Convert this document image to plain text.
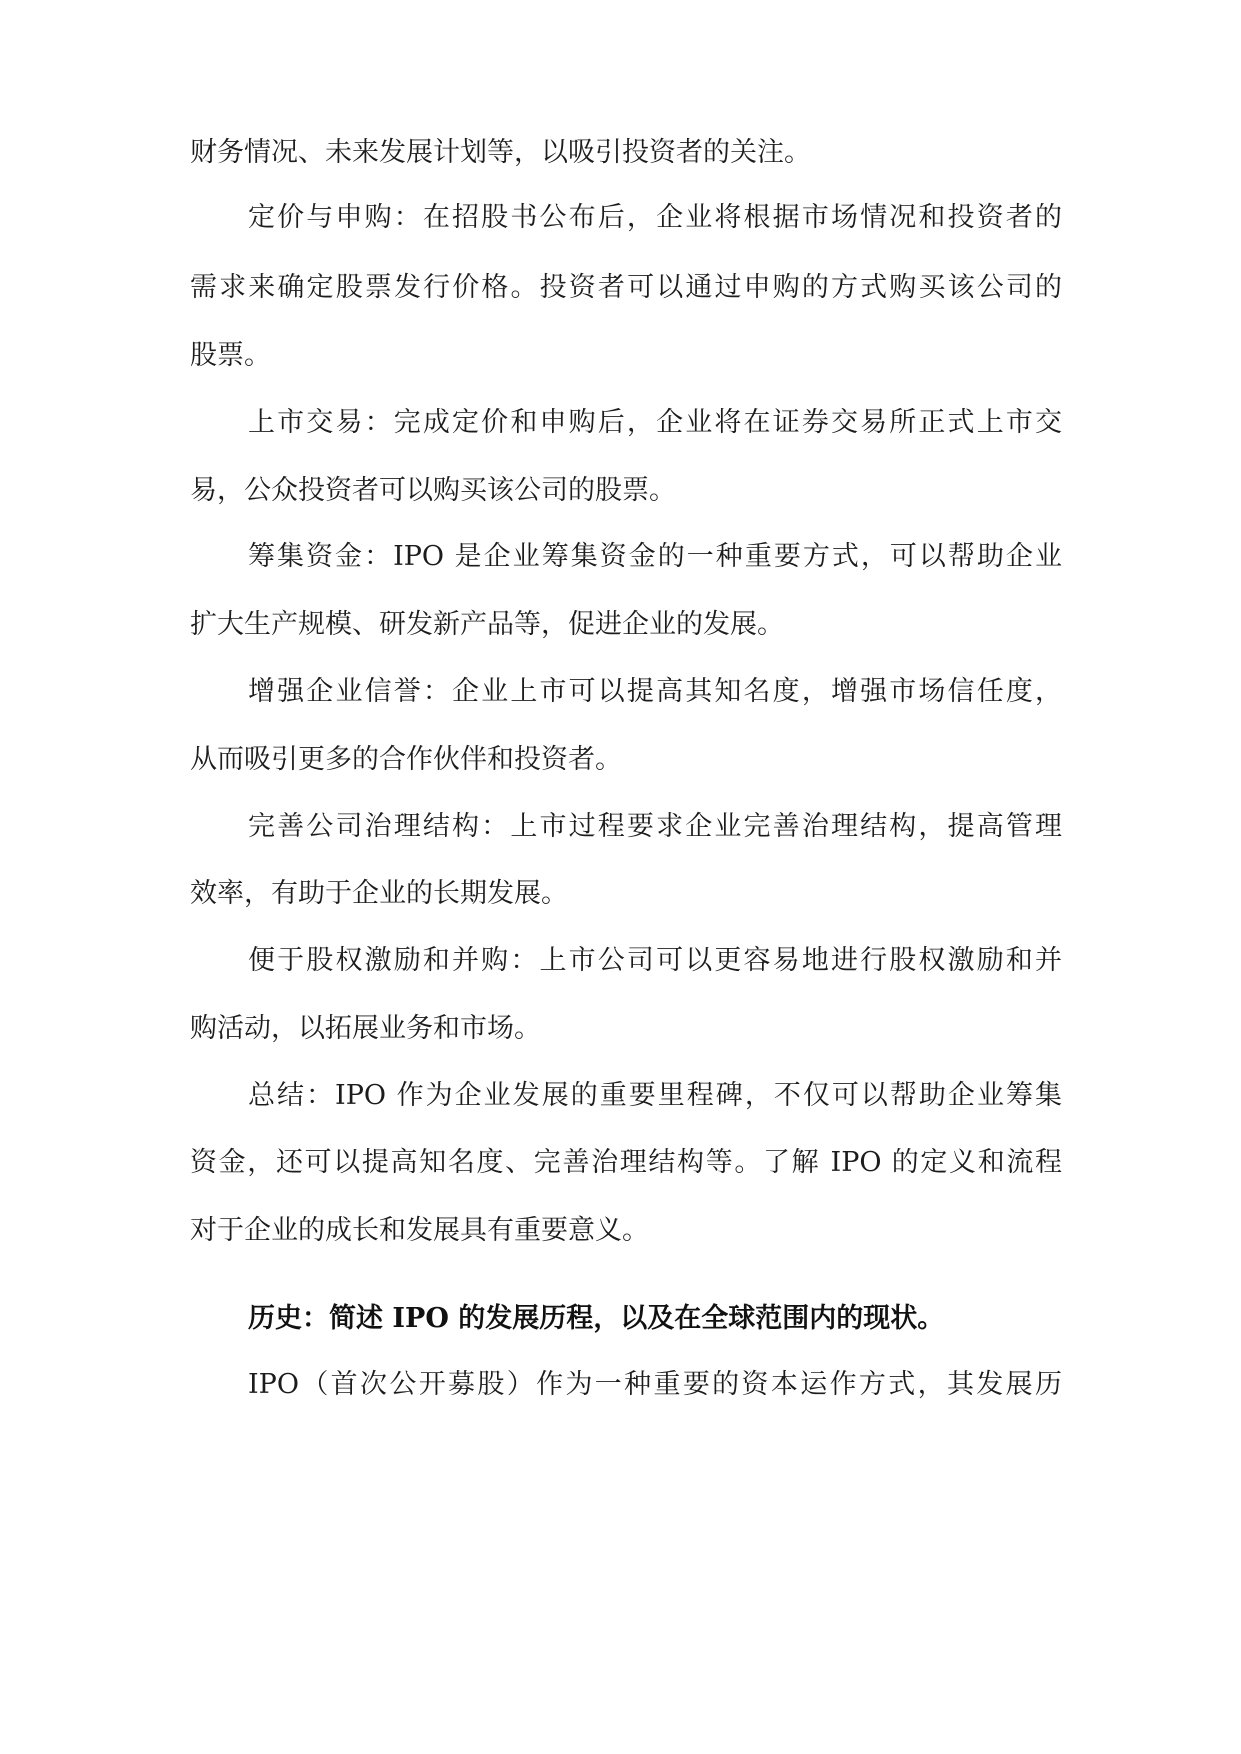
财务情况、未来发展计划等，以吸引投资者的关注。
定价与申购：在招股书公布后，企业将根据市场情况和投资者的
需求来确定股票发行价格。投资者可以通过申购的方式购买该公司的
股票。
上市交易：完成定价和申购后，企业将在证券交易所正式上市交
易，公众投资者可以购买该公司的股票。
筹集资金：IPO 是企业筹集资金的一种重要方式，可以帮助企业
扩大生产规模、研发新产品等，促进企业的发展。
增强企业信誉：企业上市可以提高其知名度，增强市场信任度，
从而吸引更多的合作伙伴和投资者。
完善公司治理结构：上市过程要求企业完善治理结构，提高管理
效率，有助于企业的长期发展。
便于股权激励和并购：上市公司可以更容易地进行股权激励和并
购活动，以拓展业务和市场。
总结：IPO 作为企业发展的重要里程碑，不仅可以帮助企业筹集
资金，还可以提高知名度、完善治理结构等。了解 IPO 的定义和流程
对于企业的成长和发展具有重要意义。
历史：简述 IPO 的发展历程，以及在全球范围内的现状。
IPO（首次公开募股）作为一种重要的资本运作方式，其发展历
